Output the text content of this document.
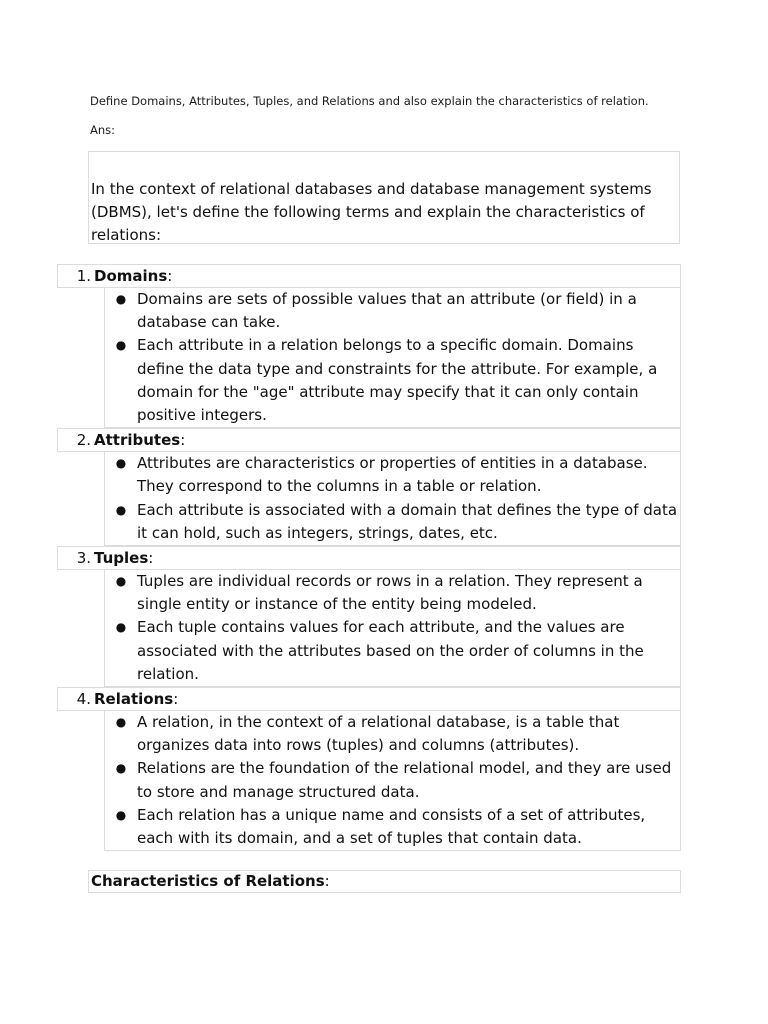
Define Domains, Attributes, Tuples, and Relations and also explain the characteristics of relation.
Ans:
In the context of relational databases and database management systems (DBMS), let's define the following terms and explain the characteristics of relations:
1. Domains:
● Domains are sets of possible values that an attribute (or field) in a database can take.
● Each attribute in a relation belongs to a specific domain. Domains define the data type and constraints for the attribute. For example, a domain for the "age" attribute may specify that it can only contain positive integers.
2. Attributes:
● Attributes are characteristics or properties of entities in a database. They correspond to the columns in a table or relation.
● Each attribute is associated with a domain that defines the type of data it can hold, such as integers, strings, dates, etc.
3. Tuples:
● Tuples are individual records or rows in a relation. They represent a single entity or instance of the entity being modeled.
● Each tuple contains values for each attribute, and the values are associated with the attributes based on the order of columns in the relation.
4. Relations:
● A relation, in the context of a relational database, is a table that organizes data into rows (tuples) and columns (attributes).
● Relations are the foundation of the relational model, and they are used to store and manage structured data.
● Each relation has a unique name and consists of a set of attributes, each with its domain, and a set of tuples that contain data.
Characteristics of Relations:
